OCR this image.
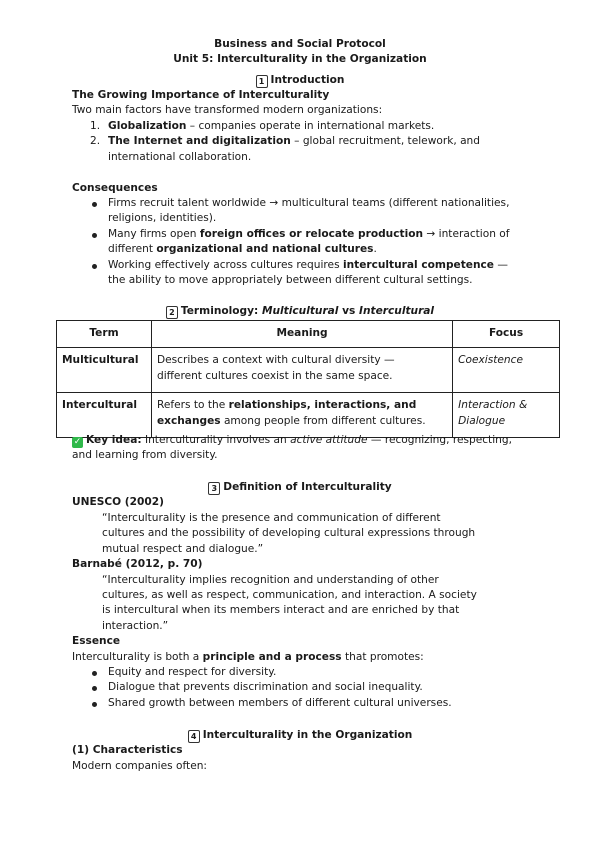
Business and Social Protocol
Unit 5: Interculturality in the Organization
1 Introduction
The Growing Importance of Interculturality
Two main factors have transformed modern organizations:
1. Globalization – companies operate in international markets.
2. The Internet and digitalization – global recruitment, telework, and
international collaboration.
Consequences
Firms recruit talent worldwide → multicultural teams (different nationalities,
religions, identities).
Many firms open foreign offices or relocate production → interaction of
different organizational and national cultures.
Working effectively across cultures requires intercultural competence —
the ability to move appropriately between different cultural settings.
2 Terminology: Multicultural vs Intercultural
Term	Meaning	Focus
Multicultural	Describes a context with cultural diversity —
different cultures coexist in the same space.	Coexistence
Intercultural	Refers to the relationships, interactions, and
exchanges among people from different cultures.	Interaction &
Dialogue
✓ Key idea: Interculturality involves an active attitude — recognizing, respecting,
and learning from diversity.
3 Definition of Interculturality
UNESCO (2002)
“Interculturality is the presence and communication of different
cultures and the possibility of developing cultural expressions through
mutual respect and dialogue.”
Barnabé (2012, p. 70)
“Interculturality implies recognition and understanding of other
cultures, as well as respect, communication, and interaction. A society
is intercultural when its members interact and are enriched by that
interaction.”
Essence
Interculturality is both a principle and a process that promotes:
Equity and respect for diversity.
Dialogue that prevents discrimination and social inequality.
Shared growth between members of different cultural universes.
4 Interculturality in the Organization
(1) Characteristics
Modern companies often:
